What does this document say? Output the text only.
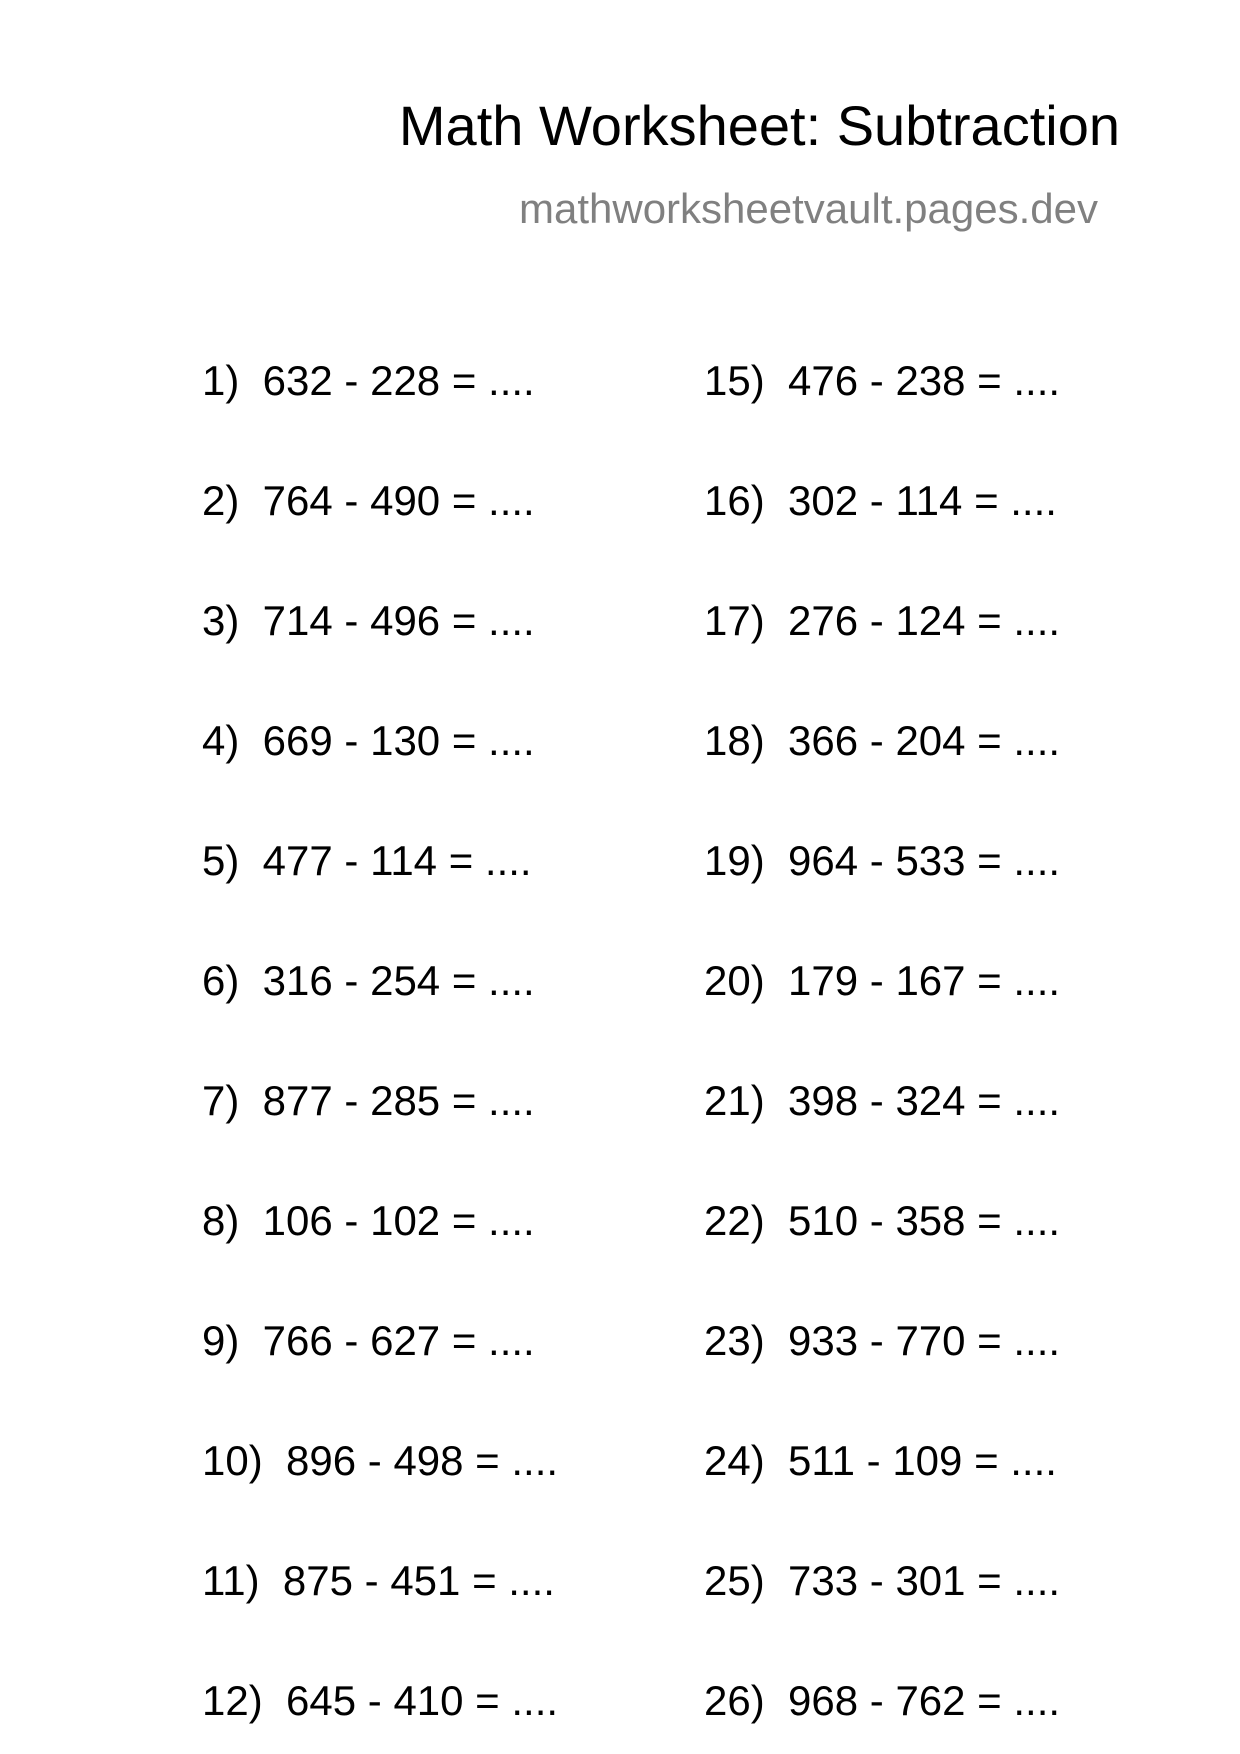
Math Worksheet: Subtraction
mathworksheetvault.pages.dev
1)  632 - 228 = ....
2)  764 - 490 = ....
3)  714 - 496 = ....
4)  669 - 130 = ....
5)  477 - 114 = ....
6)  316 - 254 = ....
7)  877 - 285 = ....
8)  106 - 102 = ....
9)  766 - 627 = ....
10)  896 - 498 = ....
11)  875 - 451 = ....
12)  645 - 410 = ....
15)  476 - 238 = ....
16)  302 - 114 = ....
17)  276 - 124 = ....
18)  366 - 204 = ....
19)  964 - 533 = ....
20)  179 - 167 = ....
21)  398 - 324 = ....
22)  510 - 358 = ....
23)  933 - 770 = ....
24)  511 - 109 = ....
25)  733 - 301 = ....
26)  968 - 762 = ....
